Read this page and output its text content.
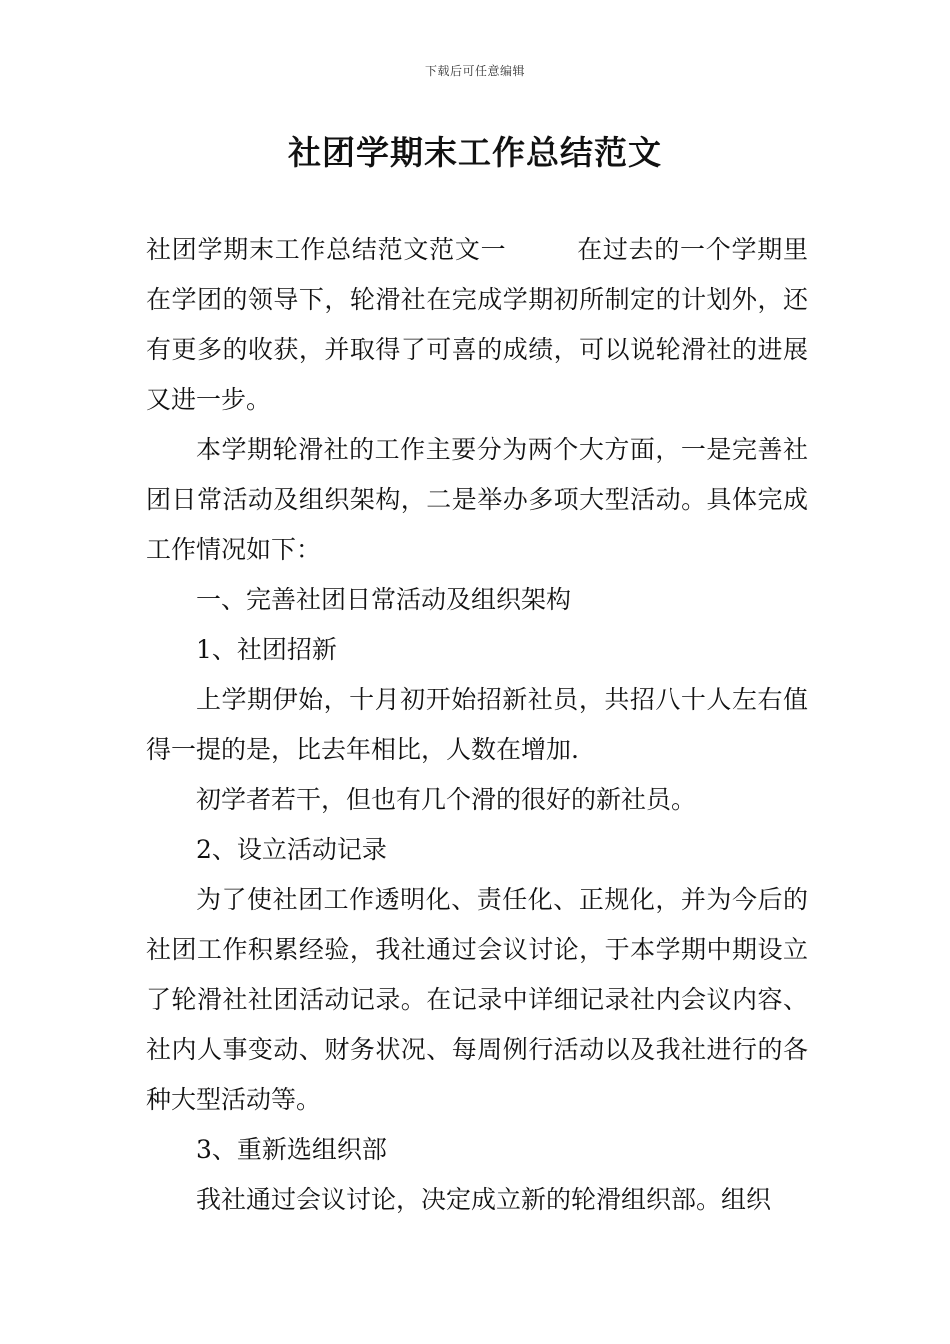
下载后可任意编辑
社团学期末工作总结范文

社团学期末工作总结范文范文一	在过去的一个学期里在学团的领导下，轮滑社在完成学期初所制定的计划外，还有更多的收获，并取得了可喜的成绩，可以说轮滑社的进展又进一步。

本学期轮滑社的工作主要分为两个大方面，一是完善社团日常活动及组织架构，二是举办多项大型活动。具体完成工作情况如下：

一、完善社团日常活动及组织架构

1、社团招新

上学期伊始，十月初开始招新社员，共招八十人左右值得一提的是，比去年相比，人数在增加.

初学者若干，但也有几个滑的很好的新社员。

2、设立活动记录

为了使社团工作透明化、责任化、正规化，并为今后的社团工作积累经验，我社通过会议讨论，于本学期中期设立了轮滑社社团活动记录。在记录中详细记录社内会议内容、社内人事变动、财务状况、每周例行活动以及我社进行的各种大型活动等。

3、重新选组织部

我社通过会议讨论，决定成立新的轮滑组织部。组织
